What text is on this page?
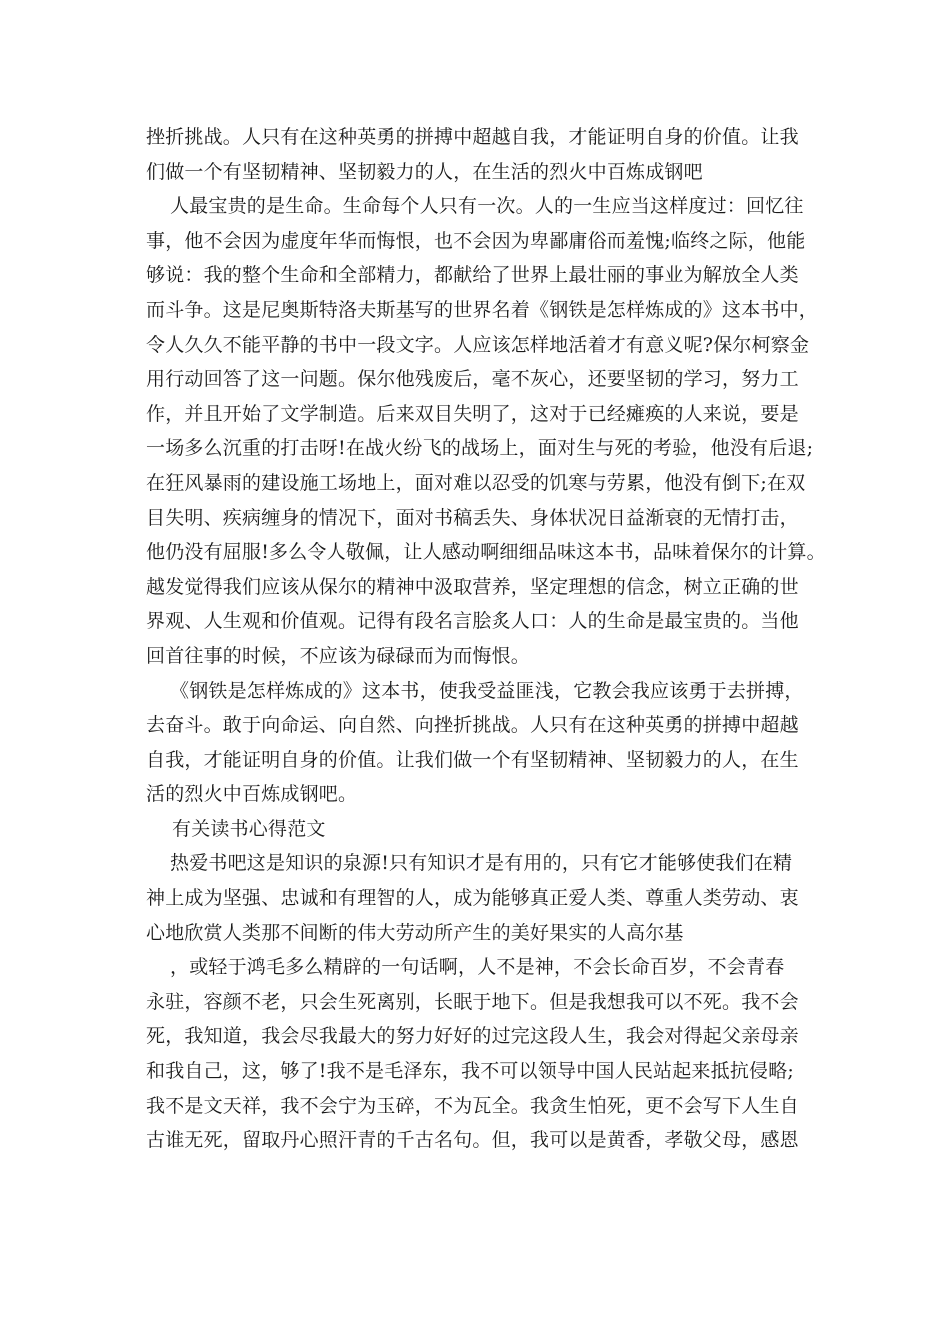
挫折挑战。人只有在这种英勇的拼搏中超越自我，才能证明自身的价值。让我
们做一个有坚韧精神、坚韧毅力的人，在生活的烈火中百炼成钢吧
人最宝贵的是生命。生命每个人只有一次。人的一生应当这样度过：回忆往
事，他不会因为虚度年华而悔恨，也不会因为卑鄙庸俗而羞愧;临终之际，他能
够说：我的整个生命和全部精力，都献给了世界上最壮丽的事业为解放全人类
而斗争。这是尼奥斯特洛夫斯基写的世界名着《钢铁是怎样炼成的》这本书中，
令人久久不能平静的书中一段文字。人应该怎样地活着才有意义呢?保尔柯察金
用行动回答了这一问题。保尔他残废后，毫不灰心，还要坚韧的学习，努力工
作，并且开始了文学制造。后来双目失明了，这对于已经瘫痪的人来说，要是
一场多么沉重的打击呀!在战火纷飞的战场上，面对生与死的考验，他没有后退;
在狂风暴雨的建设施工场地上，面对难以忍受的饥寒与劳累，他没有倒下;在双
目失明、疾病缠身的情况下，面对书稿丢失、身体状况日益渐衰的无情打击，
他仍没有屈服!多么令人敬佩，让人感动啊细细品味这本书，品味着保尔的计算。
越发觉得我们应该从保尔的精神中汲取营养，坚定理想的信念，树立正确的世
界观、人生观和价值观。记得有段名言脍炙人口：人的生命是最宝贵的。当他
回首往事的时候，不应该为碌碌而为而悔恨。
《钢铁是怎样炼成的》这本书，使我受益匪浅，它教会我应该勇于去拼搏，
去奋斗。敢于向命运、向自然、向挫折挑战。人只有在这种英勇的拼搏中超越
自我，才能证明自身的价值。让我们做一个有坚韧精神、坚韧毅力的人，在生
活的烈火中百炼成钢吧。
有关读书心得范文
热爱书吧这是知识的泉源!只有知识才是有用的，只有它才能够使我们在精
神上成为坚强、忠诚和有理智的人，成为能够真正爱人类、尊重人类劳动、衷
心地欣赏人类那不间断的伟大劳动所产生的美好果实的人高尔基
，或轻于鸿毛多么精辟的一句话啊，人不是神，不会长命百岁，不会青春
永驻，容颜不老，只会生死离别，长眠于地下。但是我想我可以不死。我不会
死，我知道，我会尽我最大的努力好好的过完这段人生，我会对得起父亲母亲
和我自己，这，够了!我不是毛泽东，我不可以领导中国人民站起来抵抗侵略;
我不是文天祥，我不会宁为玉碎，不为瓦全。我贪生怕死，更不会写下人生自
古谁无死，留取丹心照汗青的千古名句。但，我可以是黄香，孝敬父母，感恩
